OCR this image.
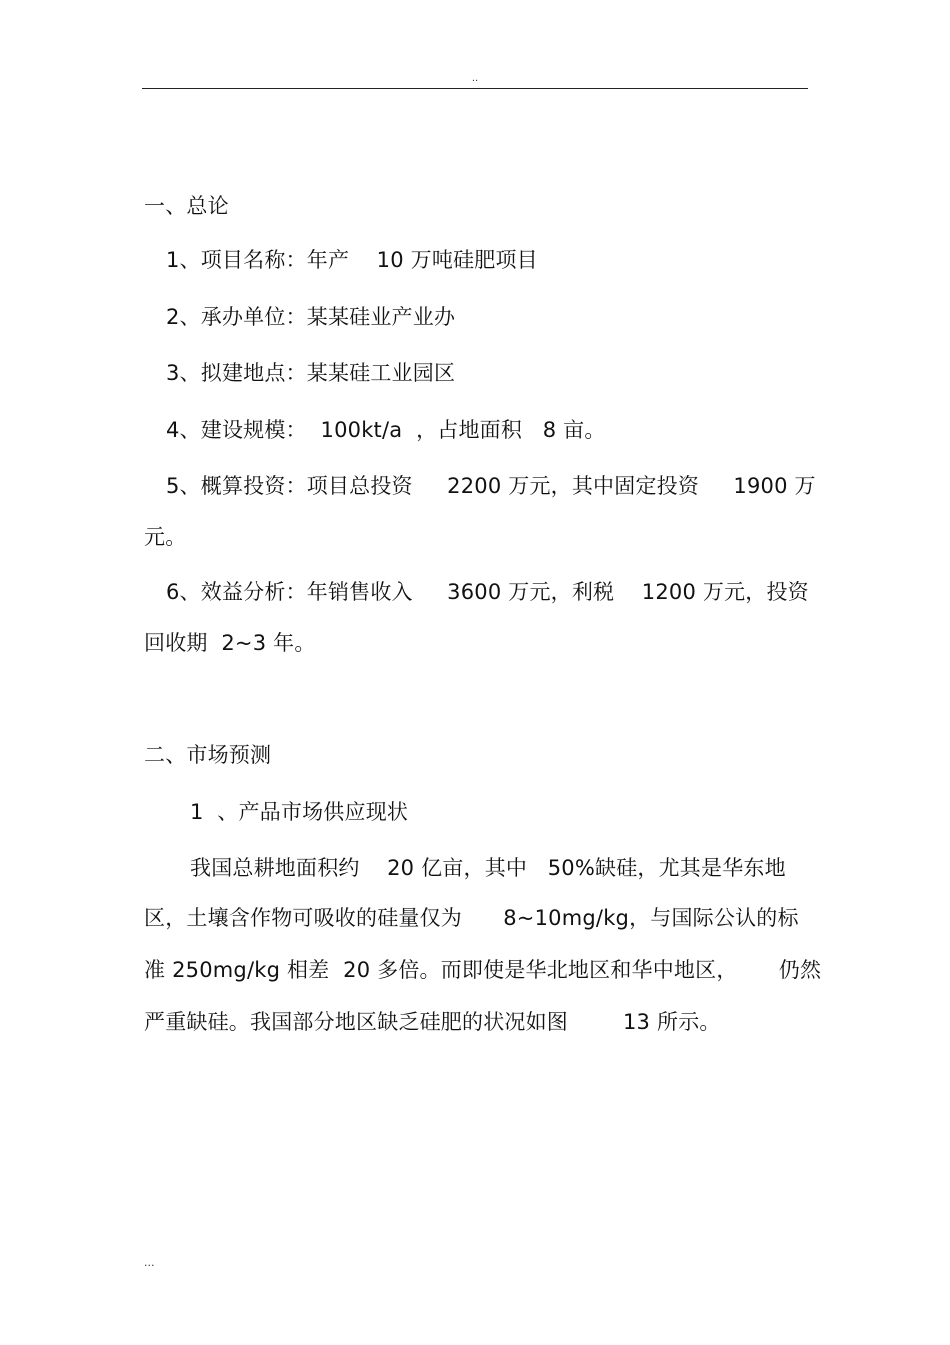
..
一、总论
1、项目名称：年产    10 万吨硅肥项目
2、承办单位：某某硅业产业办
3、拟建地点：某某硅工业园区
4、建设规模：  100kt/a  ，占地面积   8 亩。
5、概算投资：项目总投资     2200 万元，其中固定投资     1900 万
元。
6、效益分析：年销售收入     3600 万元，利税    1200 万元，投资
回收期  2~3 年。
二、市场预测
1  、产品市场供应现状
我国总耕地面积约    20 亿亩，其中   50%缺硅，尤其是华东地
区，土壤含作物可吸收的硅量仅为      8~10mg/kg，与国际公认的标
准 250mg/kg 相差  20 多倍。而即使是华北地区和华中地区，      仍然
严重缺硅。我国部分地区缺乏硅肥的状况如图        13 所示。
...
